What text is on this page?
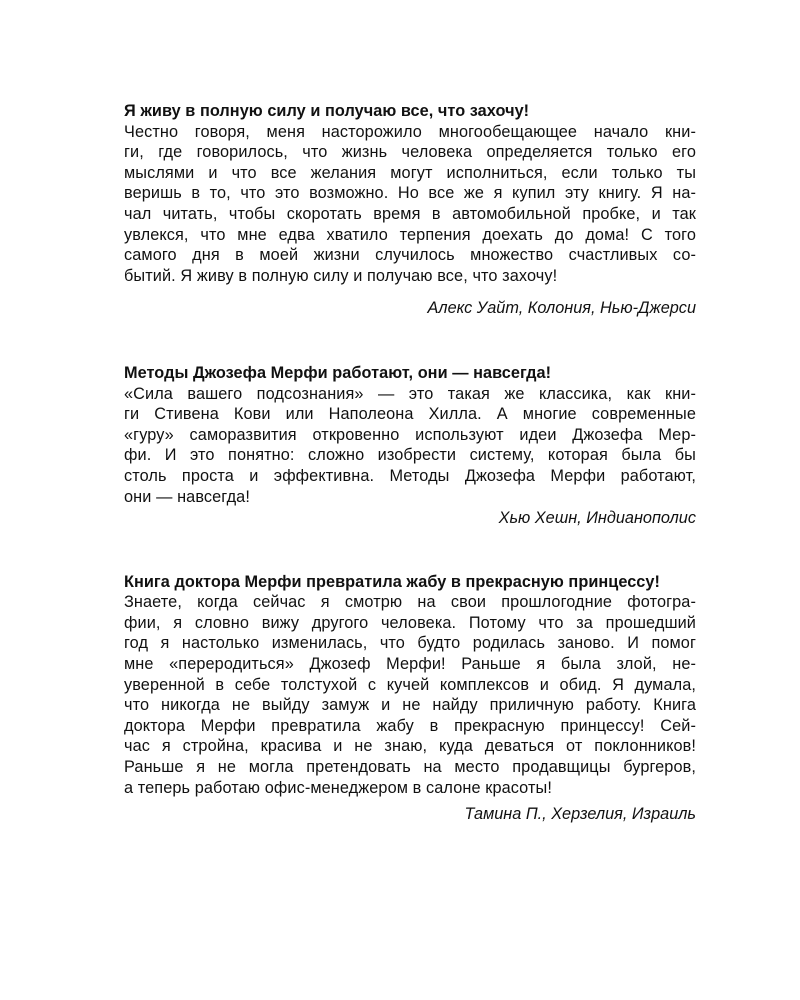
Я живу в полную силу и получаю все, что захочу!

Честно говоря, меня насторожило многообещающее начало кни-
ги, где говорилось, что жизнь человека определяется только его
мыслями и что все желания могут исполниться, если только ты
веришь в то, что это возможно. Но все же я купил эту книгу. Я на-
чал читать, чтобы скоротать время в автомобильной пробке, и так
увлекся, что мне едва хватило терпения доехать до дома! С того
самого дня в моей жизни случилось множество счастливых со-
бытий. Я живу в полную силу и получаю все, что захочу!

Алекс Уайт, Колония, Нью-Джерси

Методы Джозефа Мерфи работают, они — навсегда!

«Сила вашего подсознания» — это такая же классика, как кни-
ги Стивена Кови или Наполеона Хилла. А многие современные
«гуру» саморазвития откровенно используют идеи Джозефа Мер-
фи. И это понятно: сложно изобрести систему, которая была бы
столь проста и эффективна. Методы Джозефа Мерфи работают,
они — навсегда!

Хью Хешн, Индианополис

Книга доктора Мерфи превратила жабу в прекрасную принцессу!

Знаете, когда сейчас я смотрю на свои прошлогодние фотогра-
фии, я словно вижу другого человека. Потому что за прошедший
год я настолько изменилась, что будто родилась заново. И помог
мне «переродиться» Джозеф Мерфи! Раньше я была злой, не-
уверенной в себе толстухой с кучей комплексов и обид. Я думала,
что никогда не выйду замуж и не найду приличную работу. Книга
доктора Мерфи превратила жабу в прекрасную принцессу! Сей-
час я стройна, красива и не знаю, куда деваться от поклонников!
Раньше я не могла претендовать на место продавщицы бургеров,
а теперь работаю офис-менеджером в салоне красоты!

Тамина П., Херзелия, Израиль
